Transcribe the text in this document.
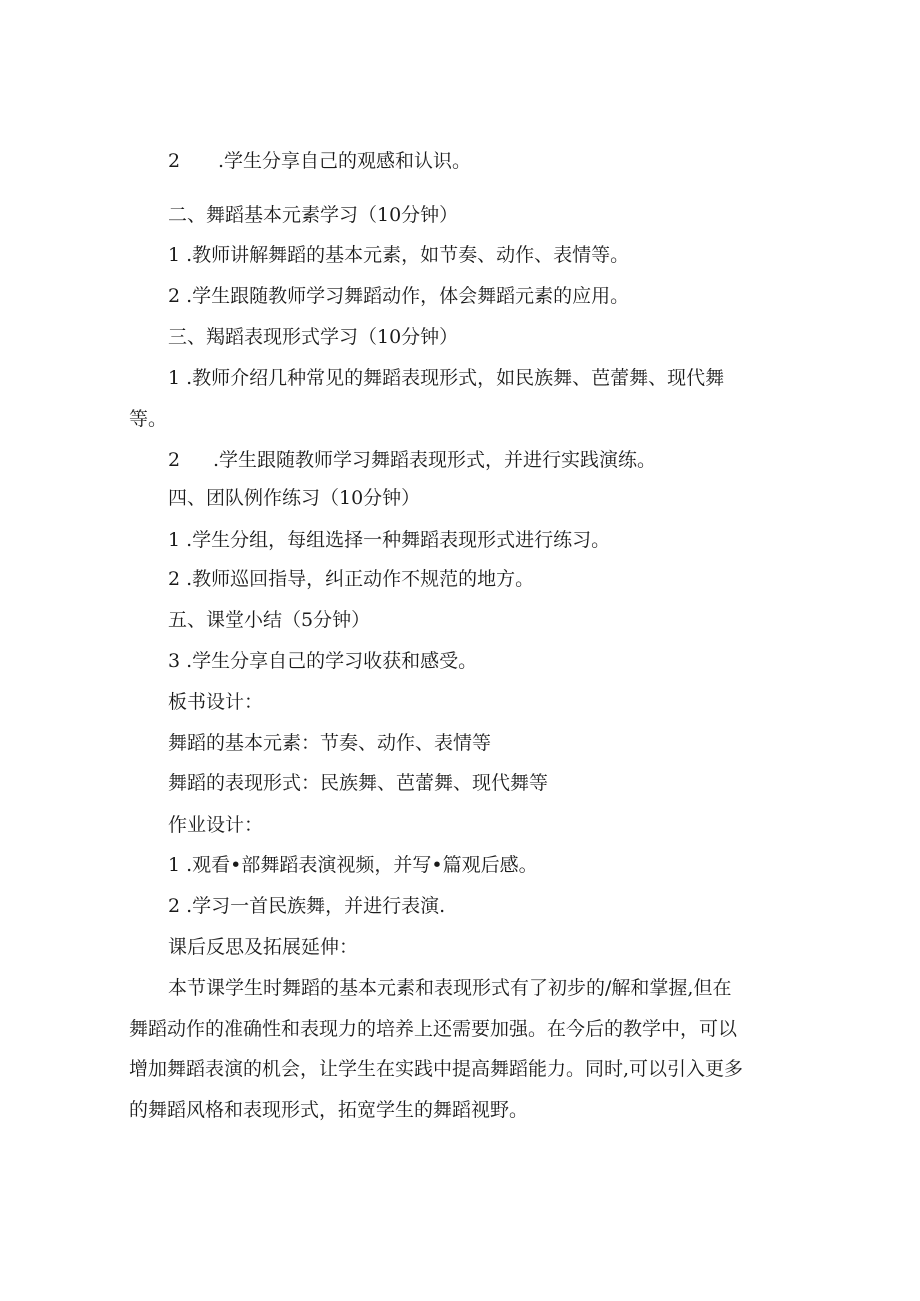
2 .学生分享自己的观感和认识。
二、舞蹈基本元素学习（10分钟）
1 .教师讲解舞蹈的基本元素，如节奏、动作、表情等。
2 .学生跟随教师学习舞蹈动作，体会舞蹈元素的应用。
三、羯蹈表现形式学习（10分钟）
1 .教师介绍几种常见的舞蹈表现形式，如民族舞、芭蕾舞、现代舞
等。
2 .学生跟随教师学习舞蹈表现形式，并进行实践演练。
四、团队例作练习（10分钟）
1 .学生分组，每组选择一种舞蹈表现形式进行练习。
2 .教师巡回指导，纠正动作不规范的地方。
五、课堂小结（5分钟）
3 .学生分享自己的学习收获和感受。
板书设计：
舞蹈的基本元素：节奏、动作、表情等
舞蹈的表现形式：民族舞、芭蕾舞、现代舞等
作业设计：
1 .观看•部舞蹈表演视频，并写•篇观后感。
2 .学习一首民族舞，并进行表演.
课后反思及拓展延伸：
本节课学生时舞蹈的基本元素和表现形式有了初步的/解和掌握,但在
舞蹈动作的准确性和表现力的培养上还需要加强。在今后的教学中，可以
增加舞蹈表演的机会，让学生在实践中提高舞蹈能力。同时,可以引入更多
的舞蹈风格和表现形式，拓宽学生的舞蹈视野。
